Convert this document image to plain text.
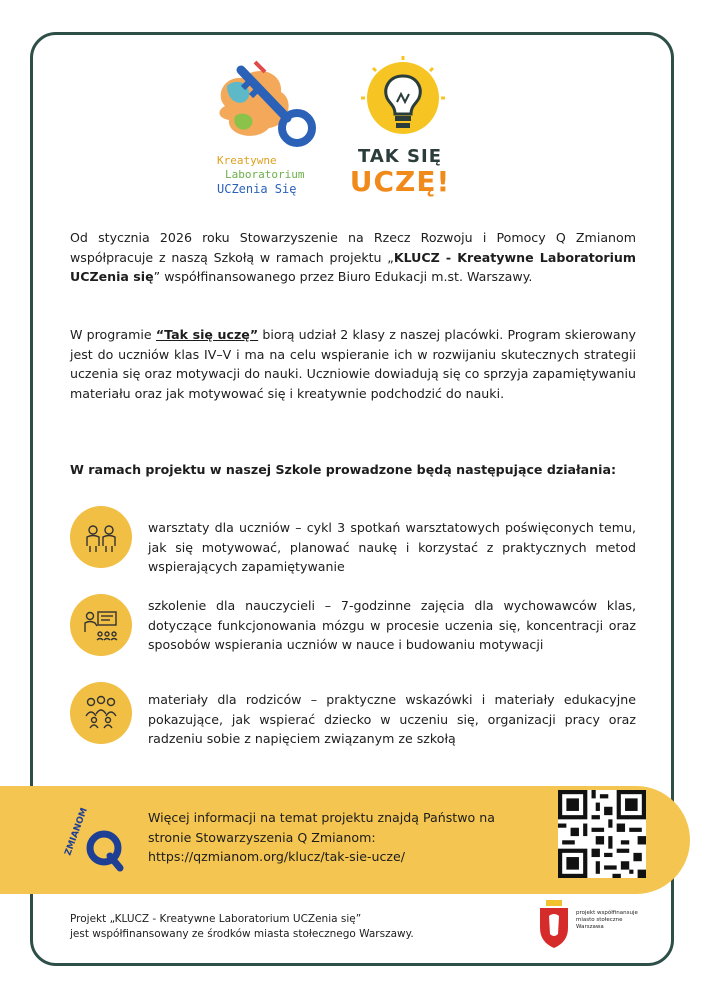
Kreatywne
Laboratorium
UCZenia Się
TAK SIĘ
UCZĘ!

Od stycznia 2026 roku Stowarzyszenie na Rzecz Rozwoju i Pomocy Q Zmianom współpracuje z naszą Szkołą w ramach projektu „KLUCZ - Kreatywne Laboratorium UCZenia się” współfinansowanego przez Biuro Edukacji m.st. Warszawy.

W programie “Tak się uczę” biorą udział 2 klasy z naszej placówki. Program skierowany jest do uczniów klas IV–V i ma na celu wspieranie ich w rozwijaniu skutecznych strategii uczenia się oraz motywacji do nauki. Uczniowie dowiadują się co sprzyja zapamiętywaniu materiału oraz jak motywować się i kreatywnie podchodzić do nauki.

W ramach projektu w naszej Szkole prowadzone będą następujące działania:

warsztaty dla uczniów – cykl 3 spotkań warsztatowych poświęconych temu, jak się motywować, planować naukę i korzystać z praktycznych metod wspierających zapamiętywanie

szkolenie dla nauczycieli – 7-godzinne zajęcia dla wychowawców klas, dotyczące funkcjonowania mózgu w procesie uczenia się, koncentracji oraz sposobów wspierania uczniów w nauce i budowaniu motywacji

materiały dla rodziców – praktyczne wskazówki i materiały edukacyjne pokazujące, jak wspierać dziecko w uczeniu się, organizacji pracy oraz radzeniu sobie z napięciem związanym ze szkołą

ZMIANOM	Więcej informacji na temat projektu znajdą Państwo na
stronie Stowarzyszenia Q Zmianom:
https://qzmianom.org/klucz/tak-sie-ucze/

Projekt „KLUCZ - Kreatywne Laboratorium UCZenia się”
jest współfinansowany ze środków miasta stołecznego Warszawy.

projekt współfinansuje miasto stołeczne Warszawa
